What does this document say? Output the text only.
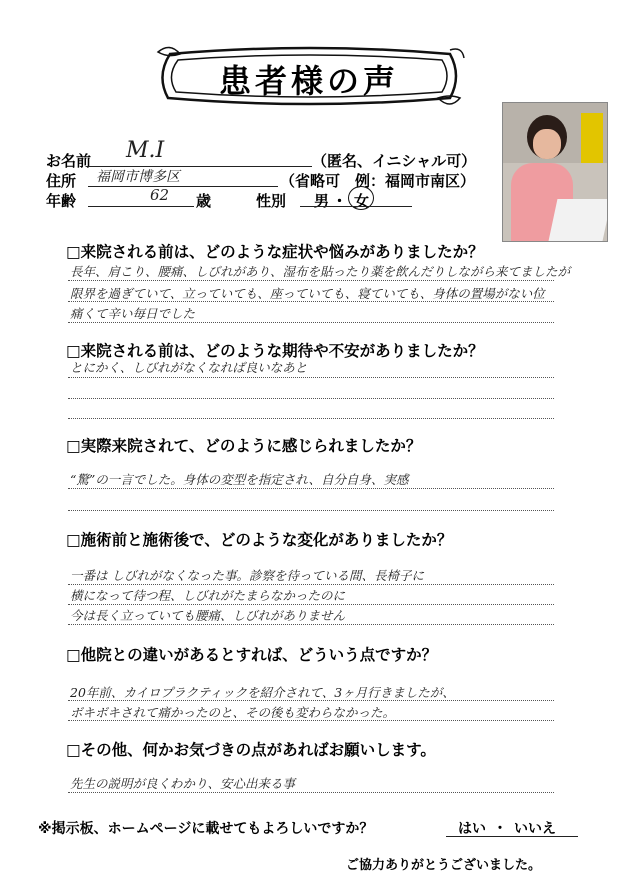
患者様の声
お名前 M.I	（匿名、イニシャル可）
住所 福岡市博多区	（省略可　例：福岡市南区）
年齢	62 歳	性別 男 ・ 女
□来院される前は、どのような症状や悩みがありましたか？
長年、肩こり、腰痛、しびれがあり、湿布を貼ったり薬を飲んだりしながら来てましたが
限界を過ぎていて、立っていても、座っていても、寝ていても、身体の置場がない位
痛くて辛い毎日でした
□来院される前は、どのような期待や不安がありましたか？
とにかく、しびれがなくなれば良いなあと
□実際来院されて、どのように感じられましたか？
“驚”の一言でした。身体の変型を指定され、自分自身、実感
□施術前と施術後で、どのような変化がありましたか？
一番は しびれがなくなった事。診察を待っている間、長椅子に
横になって待つ程、しびれがたまらなかったのに
今は長く立っていても腰痛、しびれがありません
□他院との違いがあるとすれば、どういう点ですか？
20年前、カイロプラクティックを紹介されて、3ヶ月行きましたが、
ボキボキされて痛かったのと、その後も変わらなかった。
□その他、何かお気づきの点があればお願いします。
先生の説明が良くわかり、安心出来る事
※掲示板、ホームページに載せてもよろしいですか？	はい ・ いいえ
ご協力ありがとうございました。
